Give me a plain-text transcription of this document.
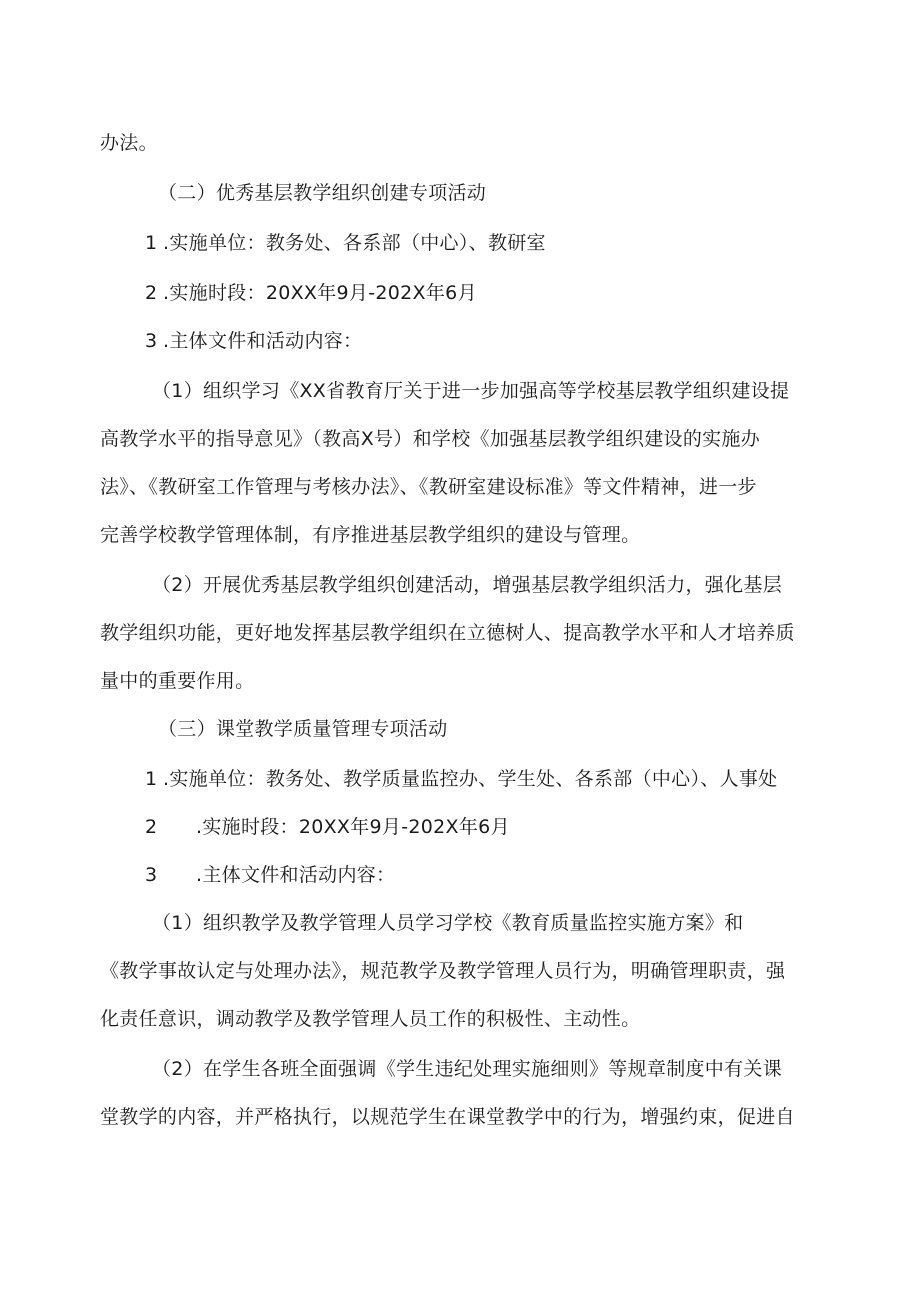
办法。
（二）优秀基层教学组织创建专项活动
1 .实施单位：教务处、各系部（中心）、教研室
2 .实施时段：20XX年9月-202X年6月
3 .主体文件和活动内容：
（1）组织学习《XX省教育厅关于进一步加强高等学校基层教学组织建设提
高教学水平的指导意见》（教高X号）和学校《加强基层教学组织建设的实施办
法》、《教研室工作管理与考核办法》、《教研室建设标准》等文件精神，进一步
完善学校教学管理体制，有序推进基层教学组织的建设与管理。
（2）开展优秀基层教学组织创建活动，增强基层教学组织活力，强化基层
教学组织功能，更好地发挥基层教学组织在立德树人、提高教学水平和人才培养质
量中的重要作用。
（三）课堂教学质量管理专项活动
1 .实施单位：教务处、教学质量监控办、学生处、各系部（中心）、人事处
2 .实施时段：20XX年9月-202X年6月
3 .主体文件和活动内容：
（1）组织教学及教学管理人员学习学校《教育质量监控实施方案》和
《教学事故认定与处理办法》，规范教学及教学管理人员行为，明确管理职责，强
化责任意识，调动教学及教学管理人员工作的积极性、主动性。
（2）在学生各班全面强调《学生违纪处理实施细则》等规章制度中有关课
堂教学的内容，并严格执行，以规范学生在课堂教学中的行为，增强约束，促进自
